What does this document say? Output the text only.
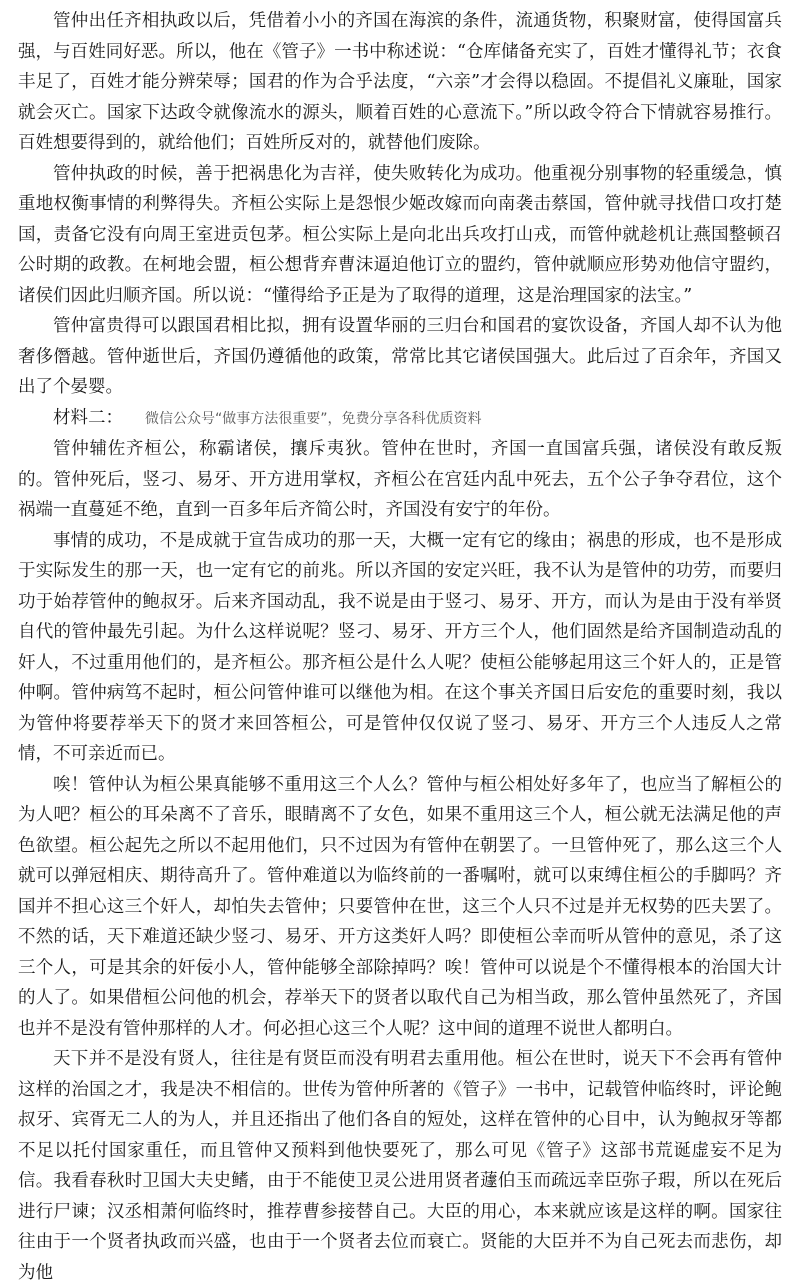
管仲出任齐相执政以后，凭借着小小的齐国在海滨的条件，流通货物，积聚财富，使得国富兵强，与百姓同好恶。所以，他在《管子》一书中称述说：“仓库储备充实了，百姓才懂得礼节；衣食丰足了，百姓才能分辨荣辱；国君的作为合乎法度，“六亲”才会得以稳固。不提倡礼义廉耻，国家就会灭亡。国家下达政令就像流水的源头，顺着百姓的心意流下。”所以政令符合下情就容易推行。百姓想要得到的，就给他们；百姓所反对的，就替他们废除。

管仲执政的时候，善于把祸患化为吉祥，使失败转化为成功。他重视分别事物的轻重缓急，慎重地权衡事情的利弊得失。齐桓公实际上是怨恨少姬改嫁而向南袭击蔡国，管仲就寻找借口攻打楚国，责备它没有向周王室进贡包茅。桓公实际上是向北出兵攻打山戎，而管仲就趁机让燕国整顿召公时期的政教。在柯地会盟，桓公想背弃曹沫逼迫他订立的盟约，管仲就顺应形势劝他信守盟约，诸侯们因此归顺齐国。所以说：“懂得给予正是为了取得的道理，这是治理国家的法宝。”

管仲富贵得可以跟国君相比拟，拥有设置华丽的三归台和国君的宴饮设备，齐国人却不认为他奢侈僭越。管仲逝世后，齐国仍遵循他的政策，常常比其它诸侯国强大。此后过了百余年，齐国又出了个晏婴。

材料二： 微信公众号“做事方法很重要”，免费分享各科优质资料

管仲辅佐齐桓公，称霸诸侯，攘斥夷狄。管仲在世时，齐国一直国富兵强，诸侯没有敢反叛的。管仲死后，竖刁、易牙、开方进用掌权，齐桓公在宫廷内乱中死去，五个公子争夺君位，这个祸端一直蔓延不绝，直到一百多年后齐简公时，齐国没有安宁的年份。

事情的成功，不是成就于宣告成功的那一天，大概一定有它的缘由；祸患的形成，也不是形成于实际发生的那一天，也一定有它的前兆。所以齐国的安定兴旺，我不认为是管仲的功劳，而要归功于始荐管仲的鲍叔牙。后来齐国动乱，我不说是由于竖刁、易牙、开方，而认为是由于没有举贤自代的管仲最先引起。为什么这样说呢？竖刁、易牙、开方三个人，他们固然是给齐国制造动乱的奸人，不过重用他们的，是齐桓公。那齐桓公是什么人呢？使桓公能够起用这三个奸人的，正是管仲啊。管仲病笃不起时，桓公问管仲谁可以继他为相。在这个事关齐国日后安危的重要时刻，我以为管仲将要荐举天下的贤才来回答桓公，可是管仲仅仅说了竖刁、易牙、开方三个人违反人之常情，不可亲近而已。

唉！管仲认为桓公果真能够不重用这三个人么？管仲与桓公相处好多年了，也应当了解桓公的为人吧？桓公的耳朵离不了音乐，眼睛离不了女色，如果不重用这三个人，桓公就无法满足他的声色欲望。桓公起先之所以不起用他们，只不过因为有管仲在朝罢了。一旦管仲死了，那么这三个人就可以弹冠相庆、期待高升了。管仲难道以为临终前的一番嘱咐，就可以束缚住桓公的手脚吗？齐国并不担心这三个奸人，却怕失去管仲；只要管仲在世，这三个人只不过是并无权势的匹夫罢了。不然的话，天下难道还缺少竖刁、易牙、开方这类奸人吗？即使桓公幸而听从管仲的意见，杀了这三个人，可是其余的奸佞小人，管仲能够全部除掉吗？唉！管仲可以说是个不懂得根本的治国大计的人了。如果借桓公问他的机会，荐举天下的贤者以取代自己为相当政，那么管仲虽然死了，齐国也并不是没有管仲那样的人才。何必担心这三个人呢？这中间的道理不说世人都明白。

天下并不是没有贤人，往往是有贤臣而没有明君去重用他。桓公在世时，说天下不会再有管仲这样的治国之才，我是决不相信的。世传为管仲所著的《管子》一书中，记载管仲临终时，评论鲍叔牙、宾胥无二人的为人，并且还指出了他们各自的短处，这样在管仲的心目中，认为鲍叔牙等都不足以托付国家重任，而且管仲又预料到他快要死了，那么可见《管子》这部书荒诞虚妄不足为信。我看春秋时卫国大夫史鳍，由于不能使卫灵公进用贤者蘧伯玉而疏远幸臣弥子瑕，所以在死后进行尸谏；汉丞相萧何临终时，推荐曹参接替自己。大臣的用心，本来就应该是这样的啊。国家往往由于一个贤者执政而兴盛，也由于一个贤者去位而衰亡。贤能的大臣并不为自己死去而悲伤，却为他
